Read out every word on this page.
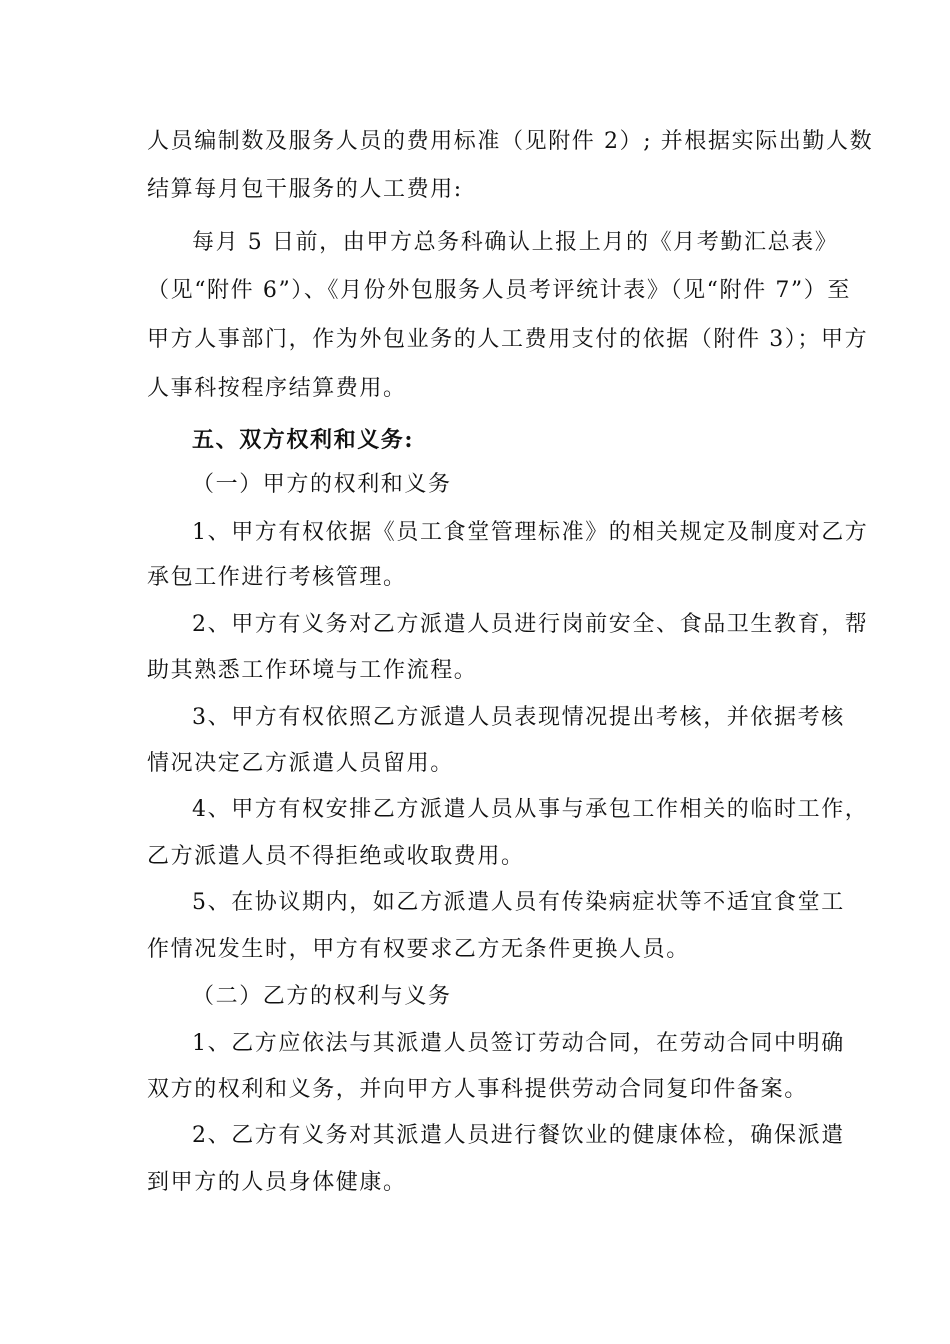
人员编制数及服务人员的费用标准（见附件 2）; 并根据实际出勤人数
结算每月包干服务的人工费用:
每月 5 日前，由甲方总务科确认上报上月的《月考勤汇总表》
（见“附件 6”）、《月份外包服务人员考评统计表》（见“附件 7”）至
甲方人事部门，作为外包业务的人工费用支付的依据（附件 3）；甲方
人事科按程序结算费用。
五、双方权利和义务:
（一）甲方的权利和义务
1、甲方有权依据《员工食堂管理标准》的相关规定及制度对乙方
承包工作进行考核管理。
2、甲方有义务对乙方派遣人员进行岗前安全、食品卫生教育，帮
助其熟悉工作环境与工作流程。
3、甲方有权依照乙方派遣人员表现情况提出考核，并依据考核
情况决定乙方派遣人员留用。
4、甲方有权安排乙方派遣人员从事与承包工作相关的临时工作，
乙方派遣人员不得拒绝或收取费用。
5、在协议期内，如乙方派遣人员有传染病症状等不适宜食堂工
作情况发生时，甲方有权要求乙方无条件更换人员。
（二）乙方的权利与义务
1、乙方应依法与其派遣人员签订劳动合同，在劳动合同中明确
双方的权利和义务，并向甲方人事科提供劳动合同复印件备案。
2、乙方有义务对其派遣人员进行餐饮业的健康体检，确保派遣
到甲方的人员身体健康。
